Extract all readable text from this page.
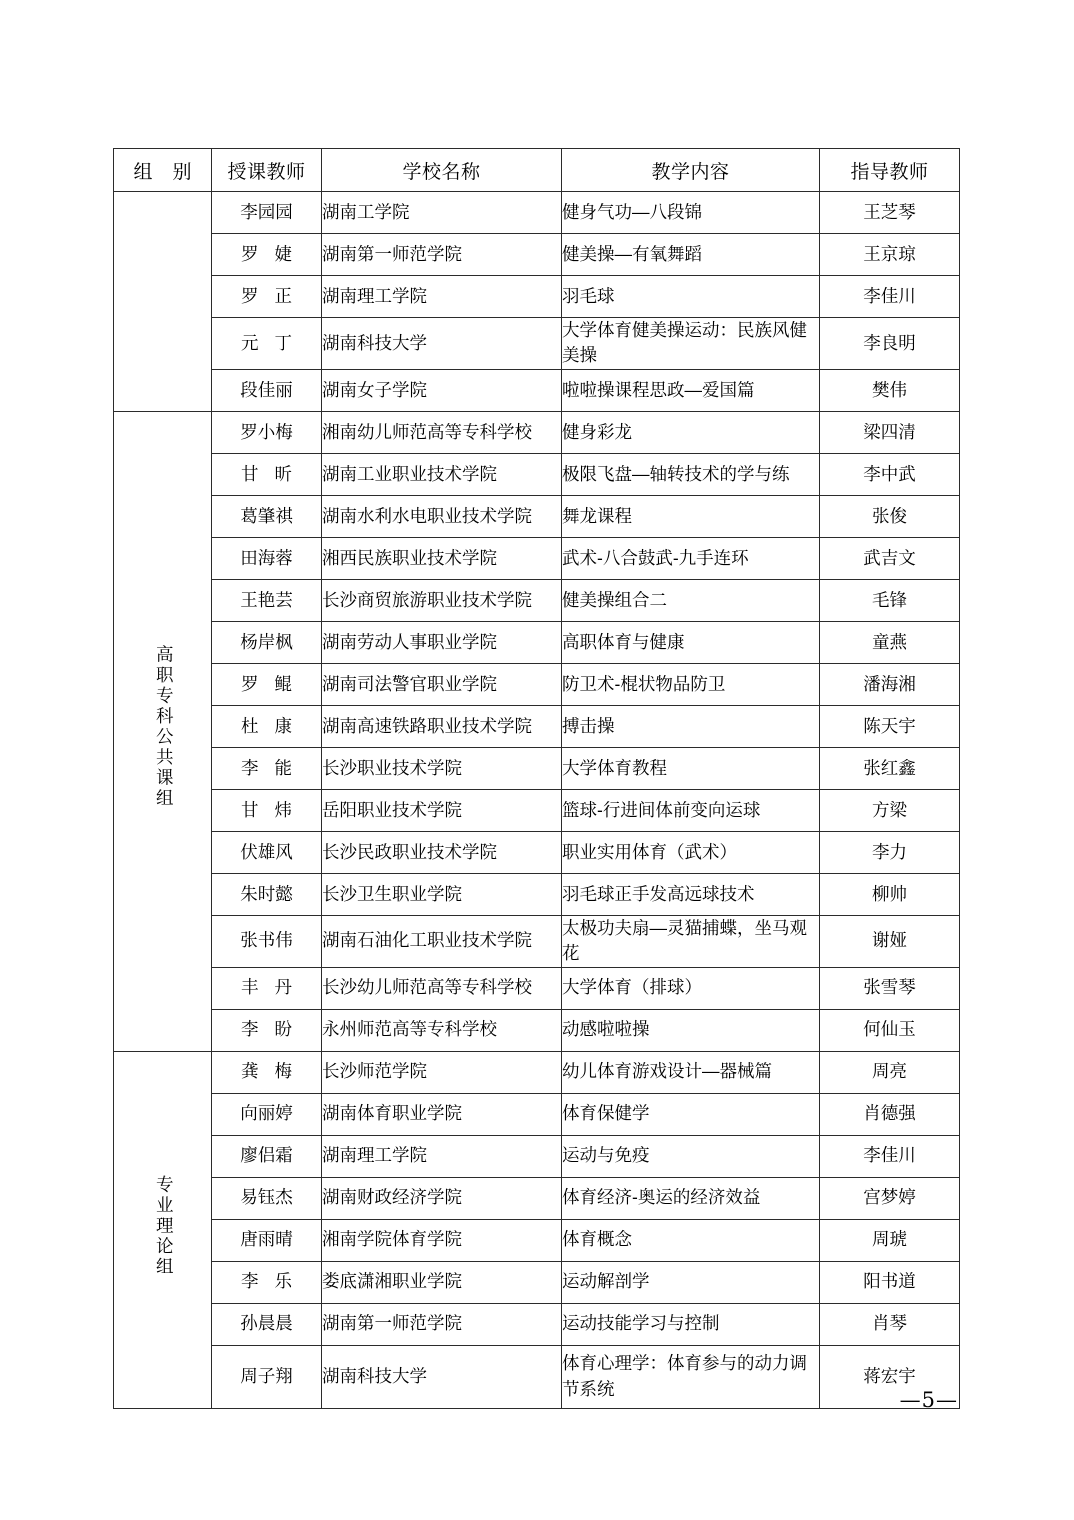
组 别	授课教师	学校名称	教学内容	指导教师
	李园园	湖南工学院	健身气功—八段锦	王芝琴
	罗婕	湖南第一师范学院	健美操—有氧舞蹈	王京琼
	罗正	湖南理工学院	羽毛球	李佳川
	元丁	湖南科技大学	大学体育健美操运动：民族风健美操	李良明
	段佳丽	湖南女子学院	啦啦操课程思政—爱国篇	樊伟
高职专科公共课组	罗小梅	湘南幼儿师范高等专科学校	健身彩龙	梁四清
	甘昕	湖南工业职业技术学院	极限飞盘—轴转技术的学与练	李中武
	葛肇祺	湖南水利水电职业技术学院	舞龙课程	张俊
	田海蓉	湘西民族职业技术学院	武术-八合鼓武-九手连环	武吉文
	王艳芸	长沙商贸旅游职业技术学院	健美操组合二	毛锋
	杨岸枫	湖南劳动人事职业学院	高职体育与健康	童燕
	罗鲲	湖南司法警官职业学院	防卫术-棍状物品防卫	潘海湘
	杜康	湖南高速铁路职业技术学院	搏击操	陈天宇
	李能	长沙职业技术学院	大学体育教程	张红鑫
	甘炜	岳阳职业技术学院	篮球-行进间体前变向运球	方梁
	伏雄风	长沙民政职业技术学院	职业实用体育（武术）	李力
	朱时懿	长沙卫生职业学院	羽毛球正手发高远球技术	柳帅
	张书伟	湖南石油化工职业技术学院	太极功夫扇—灵猫捕蝶，坐马观花	谢娅
	丰丹	长沙幼儿师范高等专科学校	大学体育（排球）	张雪琴
	李盼	永州师范高等专科学校	动感啦啦操	何仙玉
专业理论组	龚梅	长沙师范学院	幼儿体育游戏设计—器械篇	周亮
	向丽婷	湖南体育职业学院	体育保健学	肖德强
	廖侣霜	湖南理工学院	运动与免疫	李佳川
	易钰杰	湖南财政经济学院	体育经济-奥运的经济效益	宫梦婷
	唐雨晴	湘南学院体育学院	体育概念	周琥
	李乐	娄底潇湘职业学院	运动解剖学	阳书道
	孙晨晨	湖南第一师范学院	运动技能学习与控制	肖琴
	周子翔	湖南科技大学	体育心理学：体育参与的动力调节系统	蒋宏宇
—5—
